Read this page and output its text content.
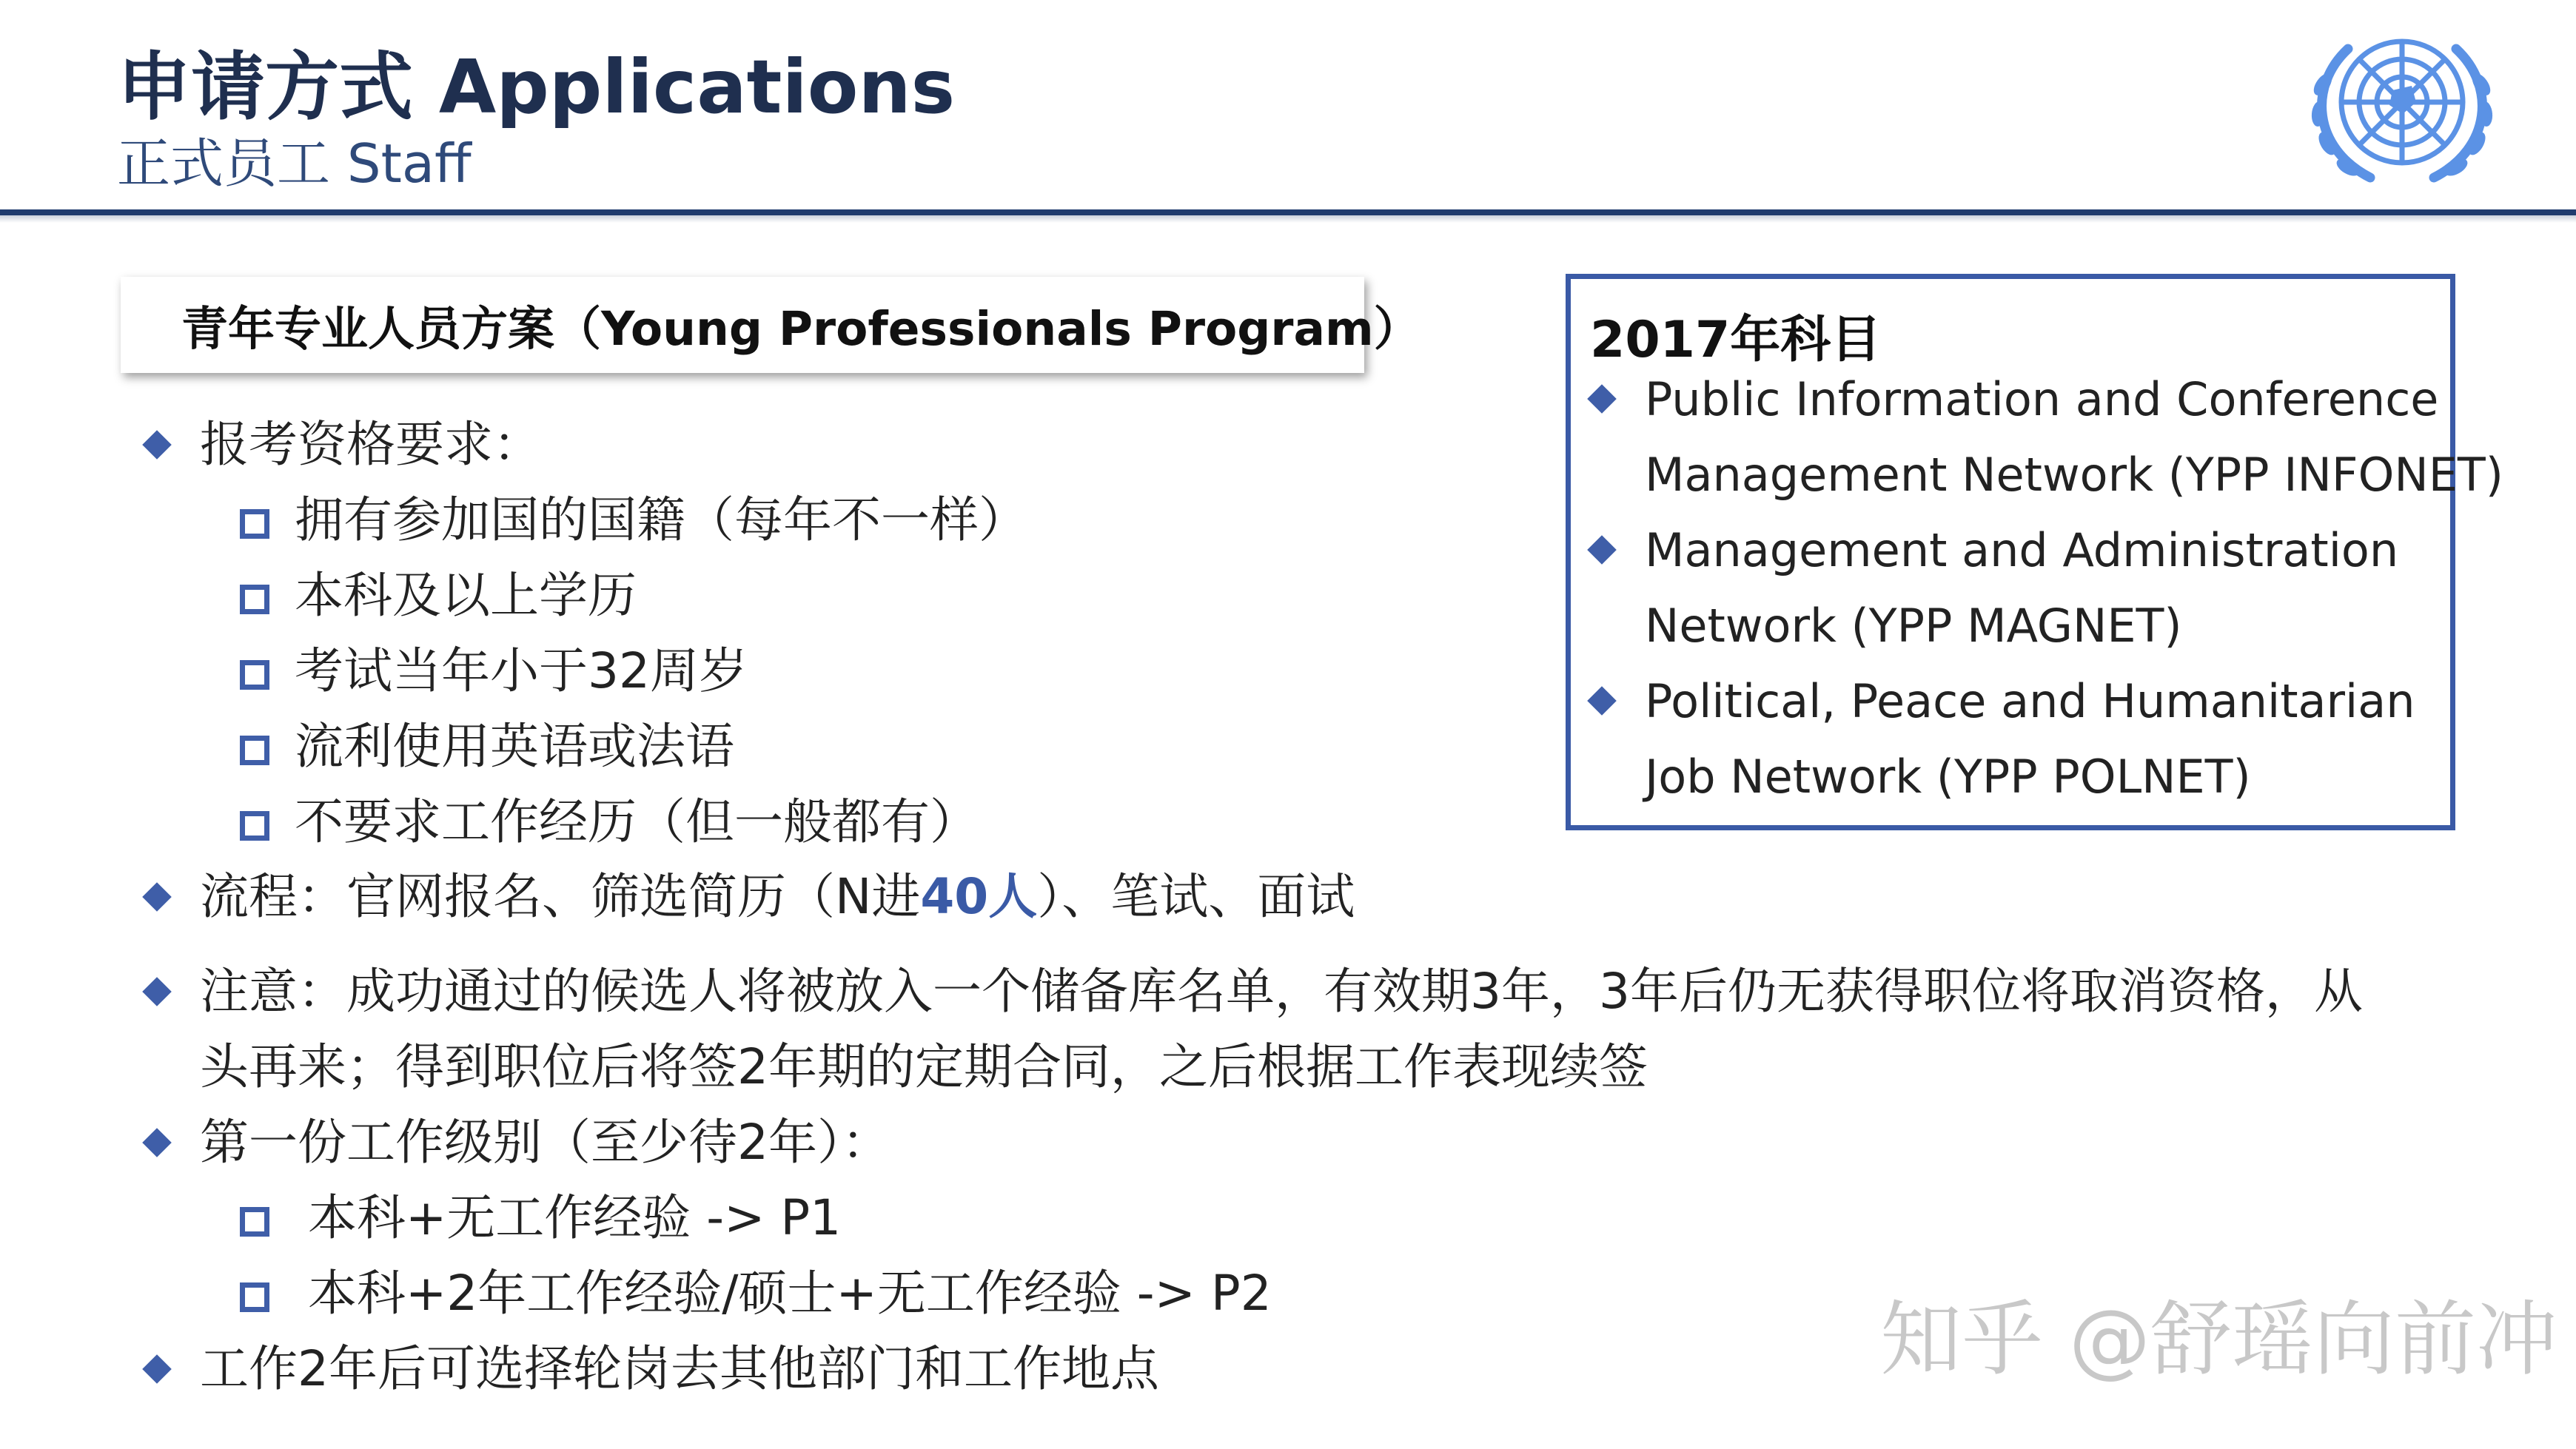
申请方式 Applications
正式员工 Staff
青年专业人员方案（Young Professionals Program）	2017年科目
Public Information and Conference
Management Network (YPP INFONET)
Management and Administration
Network (YPP MAGNET)
Political, Peace and Humanitarian
Job Network (YPP POLNET)
报考资格要求：
拥有参加国的国籍（每年不一样）
本科及以上学历
考试当年小于32周岁
流利使用英语或法语
不要求工作经历（但一般都有）
流程：官网报名、筛选简历（N进40人）、笔试、面试
注意：成功通过的候选人将被放入一个储备库名单，有效期3年，3年后仍无获得职位将取消资格，从
头再来；得到职位后将签2年期的定期合同，之后根据工作表现续签
第一份工作级别（至少待2年）：
本科+无工作经验 -> P1
本科+2年工作经验/硕士+无工作经验 -> P2
工作2年后可选择轮岗去其他部门和工作地点	知乎 @舒瑶向前冲
